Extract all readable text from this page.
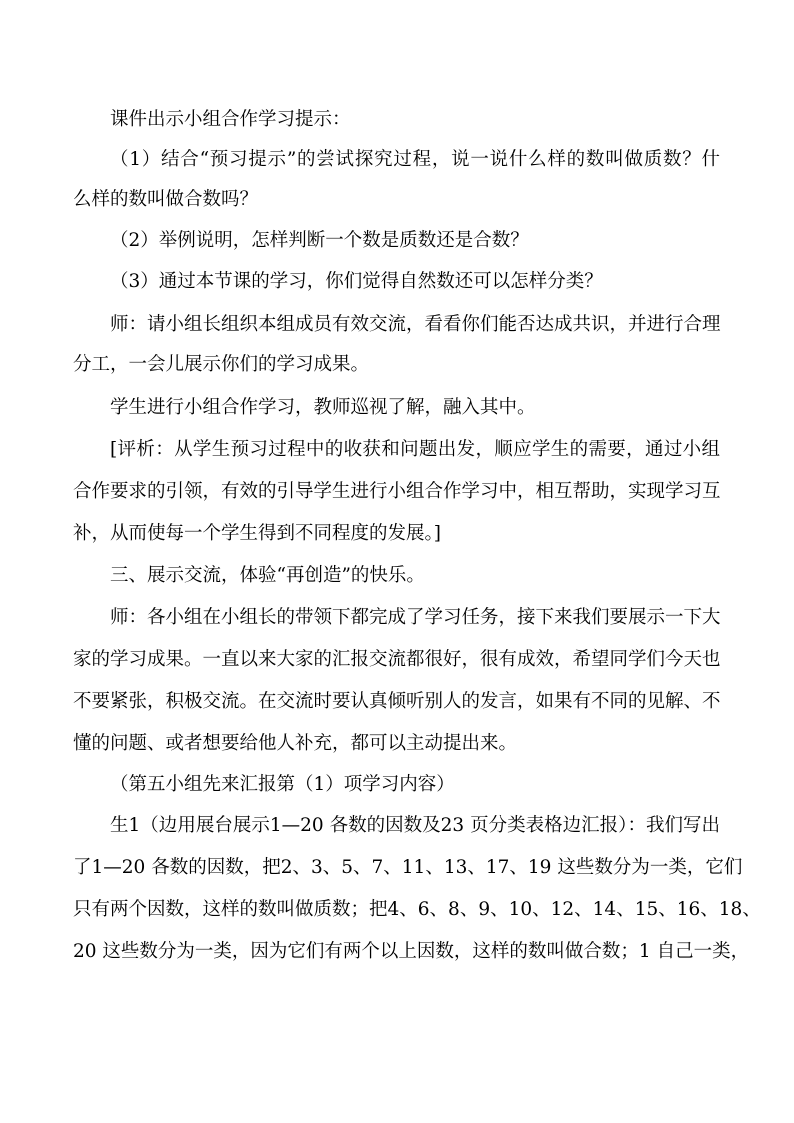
课件出示小组合作学习提示：
（1）结合“预习提示”的尝试探究过程，说一说什么样的数叫做质数？什
么样的数叫做合数吗？
（2）举例说明，怎样判断一个数是质数还是合数？
（3）通过本节课的学习，你们觉得自然数还可以怎样分类？
师：请小组长组织本组成员有效交流，看看你们能否达成共识，并进行合理
分工，一会儿展示你们的学习成果。
学生进行小组合作学习，教师巡视了解，融入其中。
[评析：从学生预习过程中的收获和问题出发，顺应学生的需要，通过小组
合作要求的引领，有效的引导学生进行小组合作学习中，相互帮助，实现学习互
补，从而使每一个学生得到不同程度的发展。]
三、展示交流，体验“再创造”的快乐。
师：各小组在小组长的带领下都完成了学习任务，接下来我们要展示一下大
家的学习成果。一直以来大家的汇报交流都很好，很有成效，希望同学们今天也
不要紧张，积极交流。在交流时要认真倾听别人的发言，如果有不同的见解、不
懂的问题、或者想要给他人补充，都可以主动提出来。
（第五小组先来汇报第（1）项学习内容）
生1（边用展台展示1—20 各数的因数及23 页分类表格边汇报）：我们写出
了1—20 各数的因数，把2、3、5、7、11、13、17、19 这些数分为一类，它们
只有两个因数，这样的数叫做质数；把4、6、8、9、10、12、14、15、16、18、
20 这些数分为一类，因为它们有两个以上因数，这样的数叫做合数；1 自己一类，
